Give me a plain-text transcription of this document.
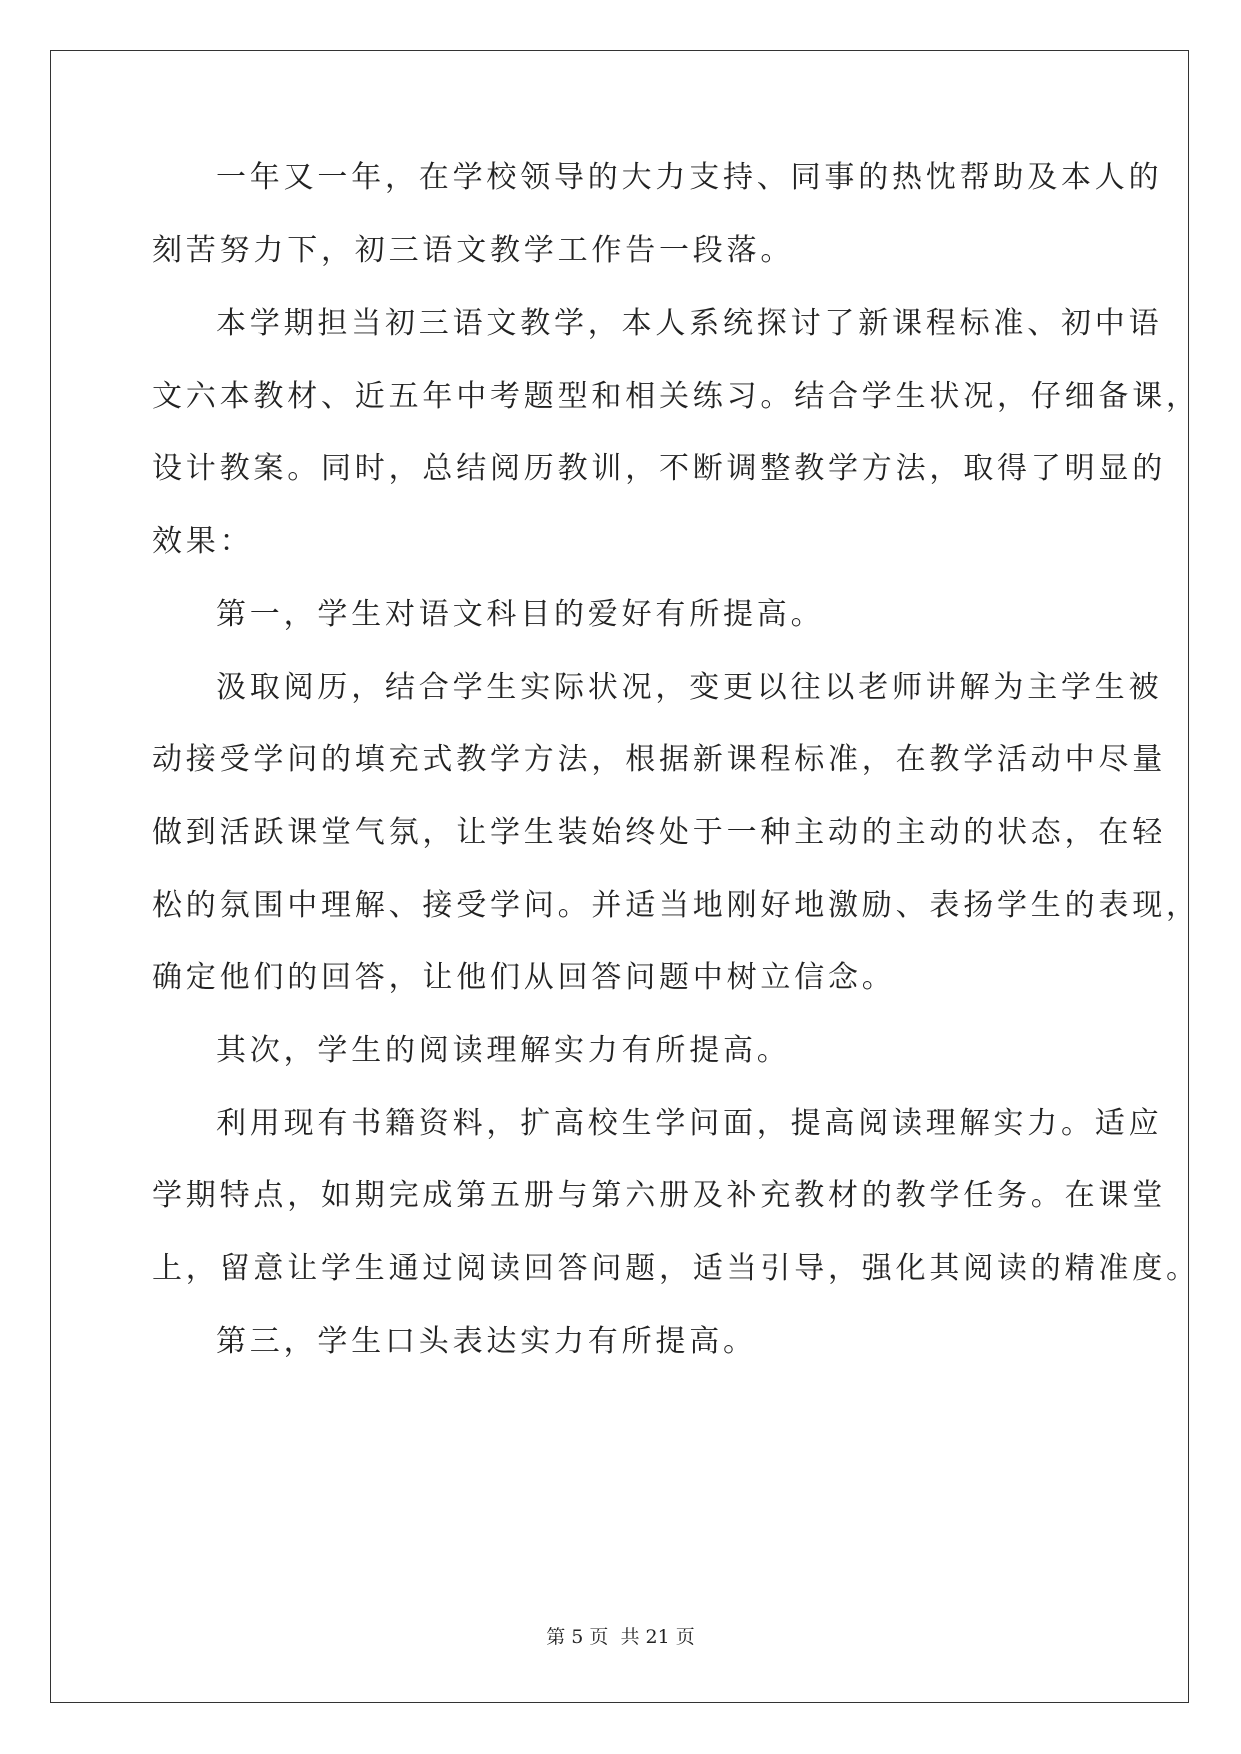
一年又一年，在学校领导的大力支持、同事的热忱帮助及本人的
刻苦努力下，初三语文教学工作告一段落。
本学期担当初三语文教学，本人系统探讨了新课程标准、初中语
文六本教材、近五年中考题型和相关练习。结合学生状况，仔细备课，
设计教案。同时，总结阅历教训，不断调整教学方法，取得了明显的
效果：
第一，学生对语文科目的爱好有所提高。
汲取阅历，结合学生实际状况，变更以往以老师讲解为主学生被
动接受学问的填充式教学方法，根据新课程标准，在教学活动中尽量
做到活跃课堂气氛，让学生装始终处于一种主动的主动的状态，在轻
松的氛围中理解、接受学问。并适当地刚好地激励、表扬学生的表现，
确定他们的回答，让他们从回答问题中树立信念。
其次，学生的阅读理解实力有所提高。
利用现有书籍资料，扩高校生学问面，提高阅读理解实力。适应
学期特点，如期完成第五册与第六册及补充教材的教学任务。在课堂
上，留意让学生通过阅读回答问题，适当引导，强化其阅读的精准度。
第三，学生口头表达实力有所提高。
第 5 页 共 21 页
